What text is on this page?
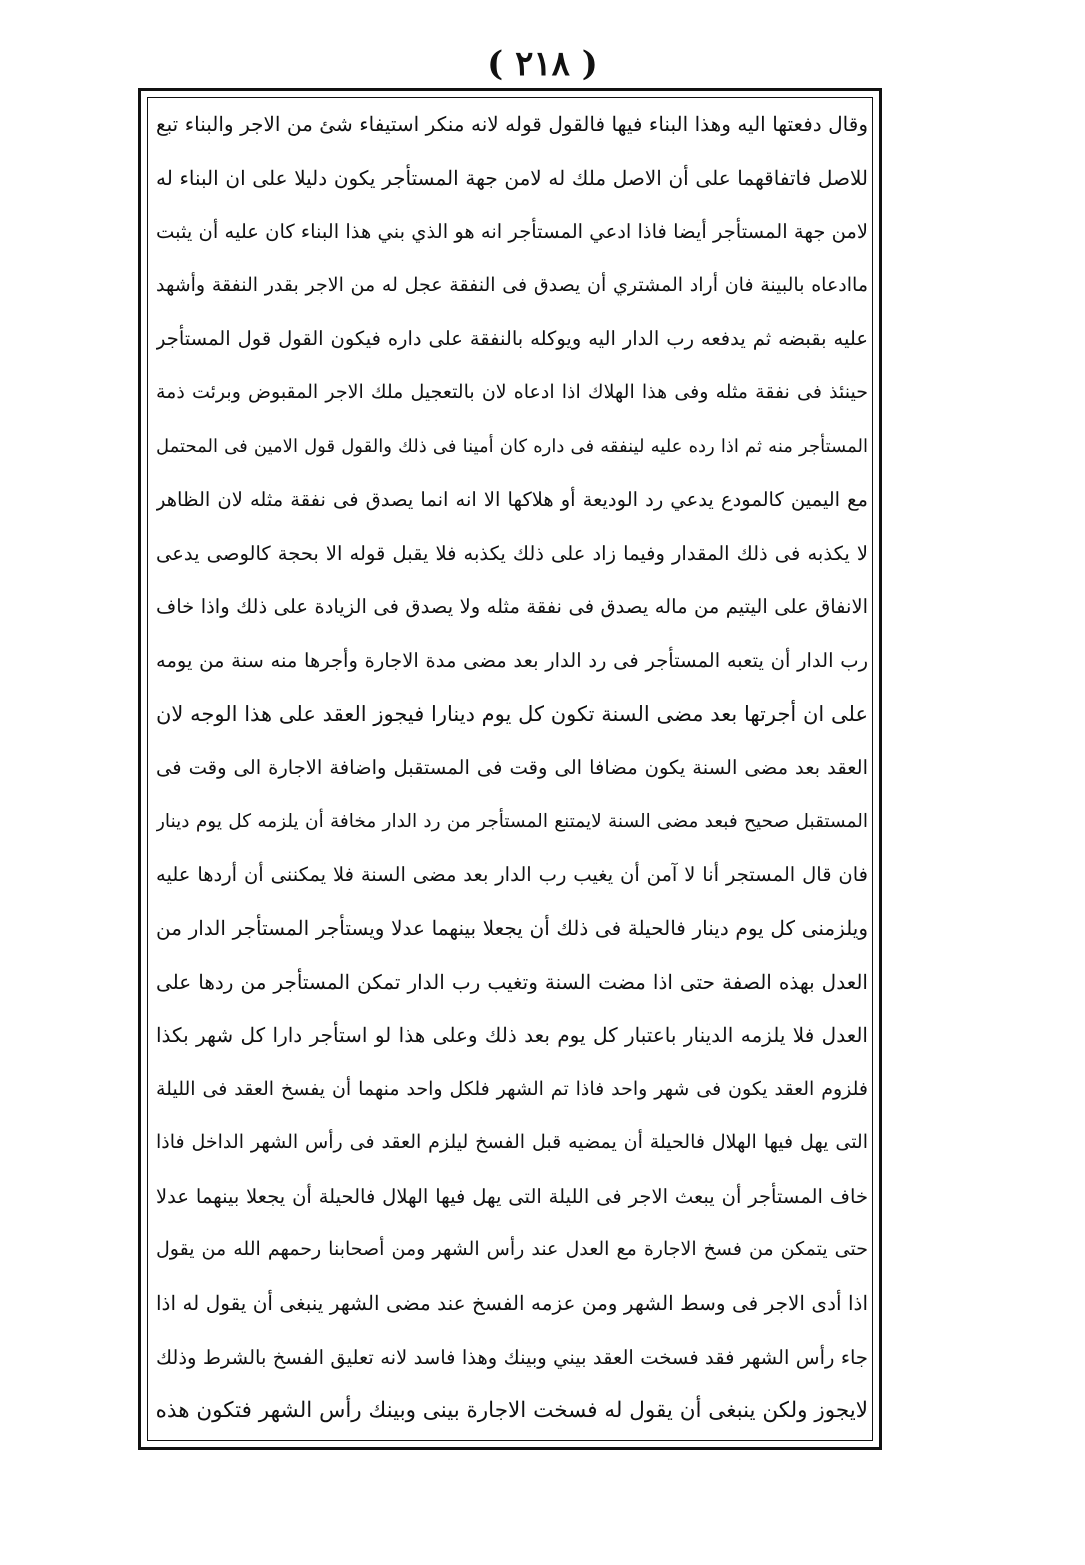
( ٢١٨ )
وقال دفعتها اليه وهذا البناء فيها فالقول قوله لانه منكر استيفاء شئ من الاجر والبناء تبع
للاصل فاتفاقهما على أن الاصل ملك له لامن جهة المستأجر يكون دليلا على ان البناء له
لامن جهة المستأجر أيضا فاذا ادعي المستأجر انه هو الذي بني هذا البناء كان عليه أن يثبت
ماادعاه بالبينة فان أراد المشتري أن يصدق فى النفقة عجل له من الاجر بقدر النفقة وأشهد
عليه بقبضه ثم يدفعه رب الدار اليه ويوكله بالنفقة على داره فيكون القول قول المستأجر
حينئذ فى نفقة مثله وفى هذا الهلاك اذا ادعاه لان بالتعجيل ملك الاجر المقبوض وبرئت ذمة
المستأجر منه ثم اذا رده عليه لينفقه فى داره كان أمينا فى ذلك والقول قول الامين فى المحتمل
مع اليمين كالمودع يدعي رد الوديعة أو هلاكها الا انه انما يصدق فى نفقة مثله لان الظاهر
لا يكذبه فى ذلك المقدار وفيما زاد على ذلك يكذبه فلا يقبل قوله الا بحجة كالوصى يدعى
الانفاق على اليتيم من ماله يصدق فى نفقة مثله ولا يصدق فى الزيادة على ذلك واذا خاف
رب الدار أن يتعبه المستأجر فى رد الدار بعد مضى مدة الاجارة وأجرها منه سنة من يومه
على ان أجرتها بعد مضى السنة تكون كل يوم دينارا فيجوز العقد على هذا الوجه لان
العقد بعد مضى السنة يكون مضافا الى وقت فى المستقبل واضافة الاجارة الى وقت فى
المستقبل صحيح فبعد مضى السنة لايمتنع المستأجر من رد الدار مخافة أن يلزمه كل يوم دينار
فان قال المستجر أنا لا آمن أن يغيب رب الدار بعد مضى السنة فلا يمكننى أن أردها عليه
ويلزمنى كل يوم دينار فالحيلة فى ذلك أن يجعلا بينهما عدلا ويستأجر المستأجر الدار من
العدل بهذه الصفة حتى اذا مضت السنة وتغيب رب الدار تمكن المستأجر من ردها على
العدل فلا يلزمه الدينار باعتبار كل يوم بعد ذلك وعلى هذا لو استأجر دارا كل شهر بكذا
فلزوم العقد يكون فى شهر واحد فاذا تم الشهر فلكل واحد منهما أن يفسخ العقد فى الليلة
التى يهل فيها الهلال فالحيلة أن يمضيه قبل الفسخ ليلزم العقد فى رأس الشهر الداخل فاذا
خاف المستأجر أن يبعث الاجر فى الليلة التى يهل فيها الهلال فالحيلة أن يجعلا بينهما عدلا
حتى يتمكن من فسخ الاجارة مع العدل عند رأس الشهر ومن أصحابنا رحمهم الله من يقول
اذا أدى الاجر فى وسط الشهر ومن عزمه الفسخ عند مضى الشهر ينبغى أن يقول له اذا
جاء رأس الشهر فقد فسخت العقد بيني وبينك وهذا فاسد لانه تعليق الفسخ بالشرط وذلك
لايجوز ولكن ينبغى أن يقول له فسخت الاجارة بينى وبينك رأس الشهر فتكون هذه
